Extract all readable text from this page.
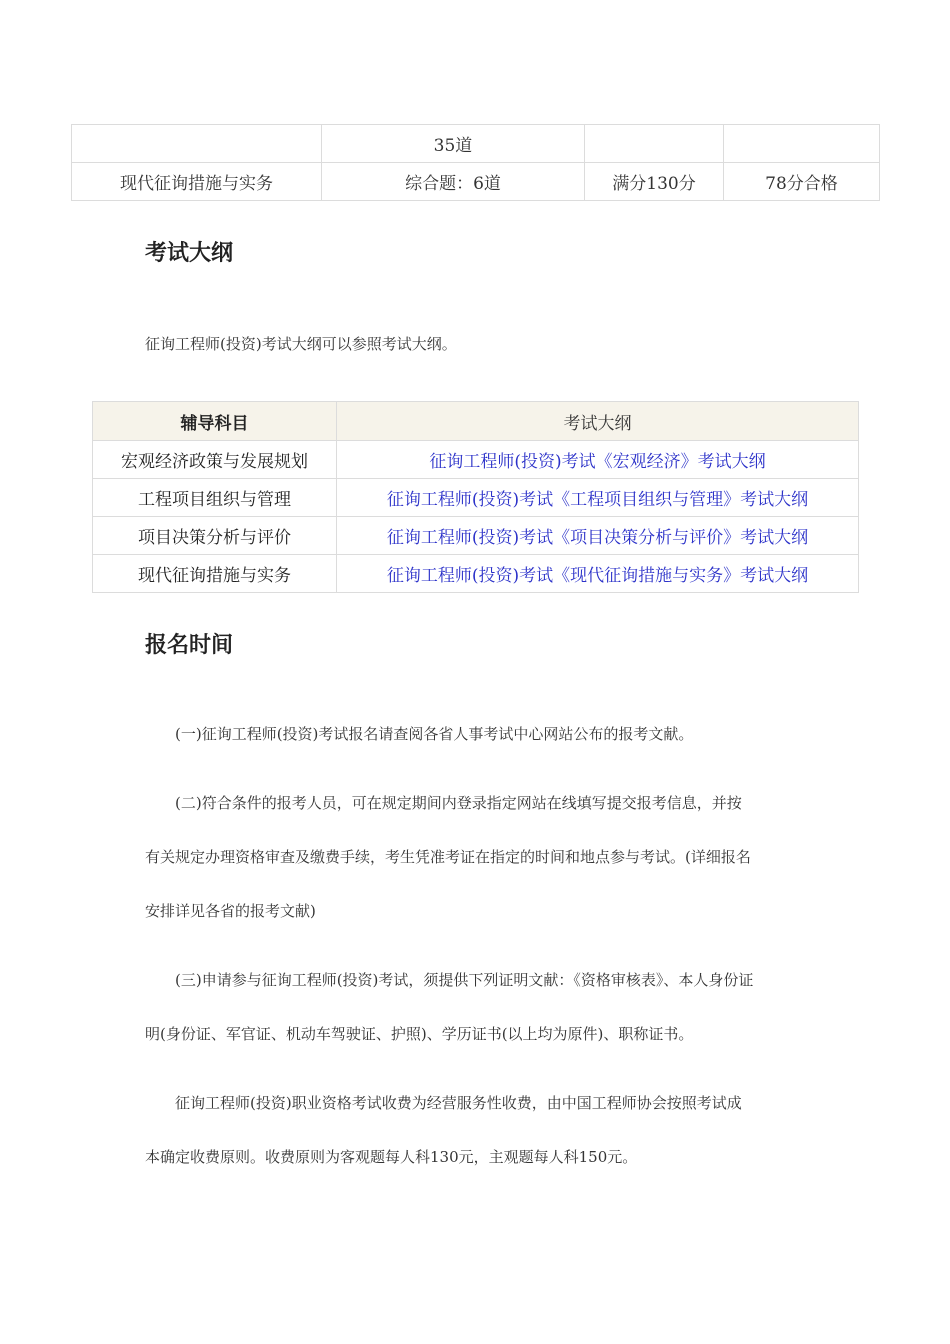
	35道		
现代征询措施与实务	综合题：6道	满分130分	78分合格
考试大纲

征询工程师(投资)考试大纲可以参照考试大纲。

辅导科目	考试大纲
宏观经济政策与发展规划	征询工程师(投资)考试《宏观经济》考试大纲
工程项目组织与管理	征询工程师(投资)考试《工程项目组织与管理》考试大纲
项目决策分析与评价	征询工程师(投资)考试《项目决策分析与评价》考试大纲
现代征询措施与实务	征询工程师(投资)考试《现代征询措施与实务》考试大纲
报名时间

　　(一)征询工程师(投资)考试报名请查阅各省人事考试中心网站公布的报考文献。

　　(二)符合条件的报考人员，可在规定期间内登录指定网站在线填写提交报考信息，并按
有关规定办理资格审查及缴费手续，考生凭准考证在指定的时间和地点参与考试。(详细报名
安排详见各省的报考文献)

　　(三)申请参与征询工程师(投资)考试，须提供下列证明文献：《资格审核表》、本人身份证
明(身份证、军官证、机动车驾驶证、护照)、学历证书(以上均为原件)、职称证书。

　　征询工程师(投资)职业资格考试收费为经营服务性收费，由中国工程师协会按照考试成
本确定收费原则。收费原则为客观题每人科130元，主观题每人科150元。
